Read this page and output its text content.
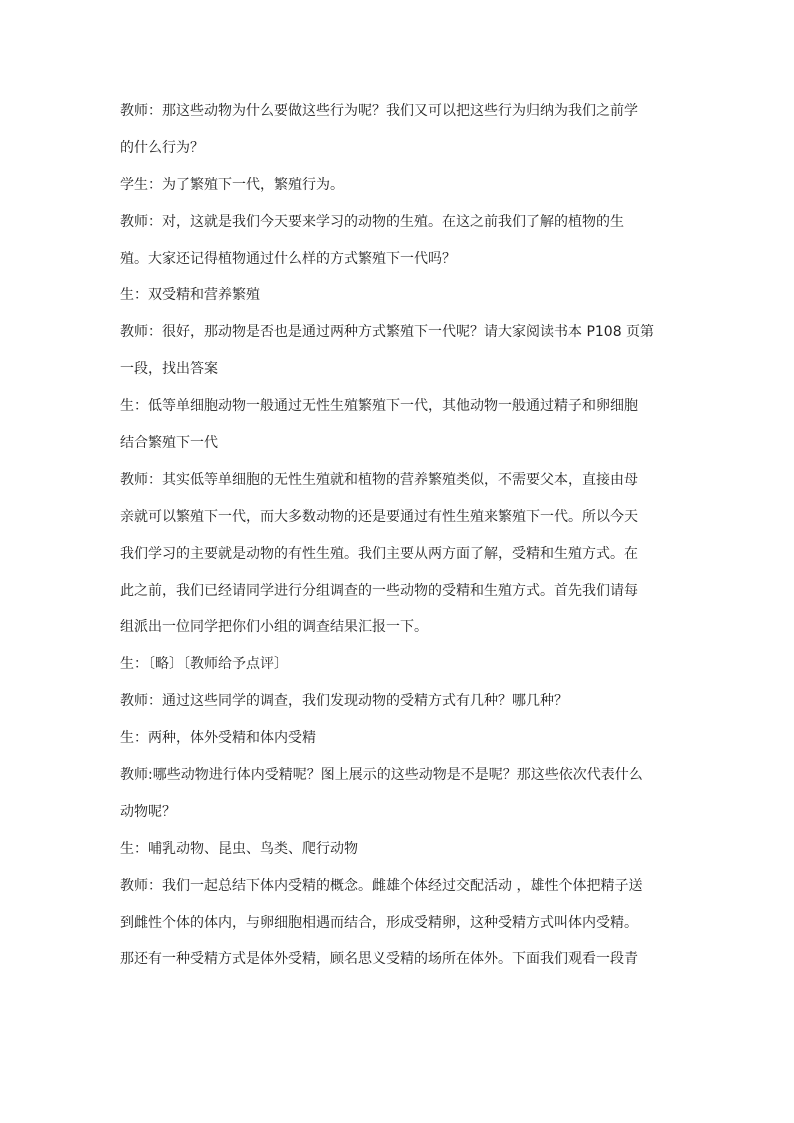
教师：那这些动物为什么要做这些行为呢？我们又可以把这些行为归纳为我们之前学
的什么行为？
学生：为了繁殖下一代，繁殖行为。
教师：对，这就是我们今天要来学习的动物的生殖。在这之前我们了解的植物的生
殖。大家还记得植物通过什么样的方式繁殖下一代吗？
生：双受精和营养繁殖
教师：很好，那动物是否也是通过两种方式繁殖下一代呢？请大家阅读书本 P108 页第
一段，找出答案
生：低等单细胞动物一般通过无性生殖繁殖下一代，其他动物一般通过精子和卵细胞
结合繁殖下一代
教师：其实低等单细胞的无性生殖就和植物的营养繁殖类似，不需要父本，直接由母
亲就可以繁殖下一代，而大多数动物的还是要通过有性生殖来繁殖下一代。所以今天
我们学习的主要就是动物的有性生殖。我们主要从两方面了解，受精和生殖方式。在
此之前，我们已经请同学进行分组调查的一些动物的受精和生殖方式。首先我们请每
组派出一位同学把你们小组的调查结果汇报一下。
生：〔略〕〔教师给予点评〕
教师：通过这些同学的调查，我们发现动物的受精方式有几种？哪几种？
生：两种，体外受精和体内受精
教师:哪些动物进行体内受精呢？图上展示的这些动物是不是呢？那这些依次代表什么
动物呢？
生：哺乳动物、昆虫、鸟类、爬行动物
教师：我们一起总结下体内受精的概念。雌雄个体经过交配活动 ，雄性个体把精子送
到雌性个体的体内，与卵细胞相遇而结合，形成受精卵，这种受精方式叫体内受精。
那还有一种受精方式是体外受精，顾名思义受精的场所在体外。下面我们观看一段青
